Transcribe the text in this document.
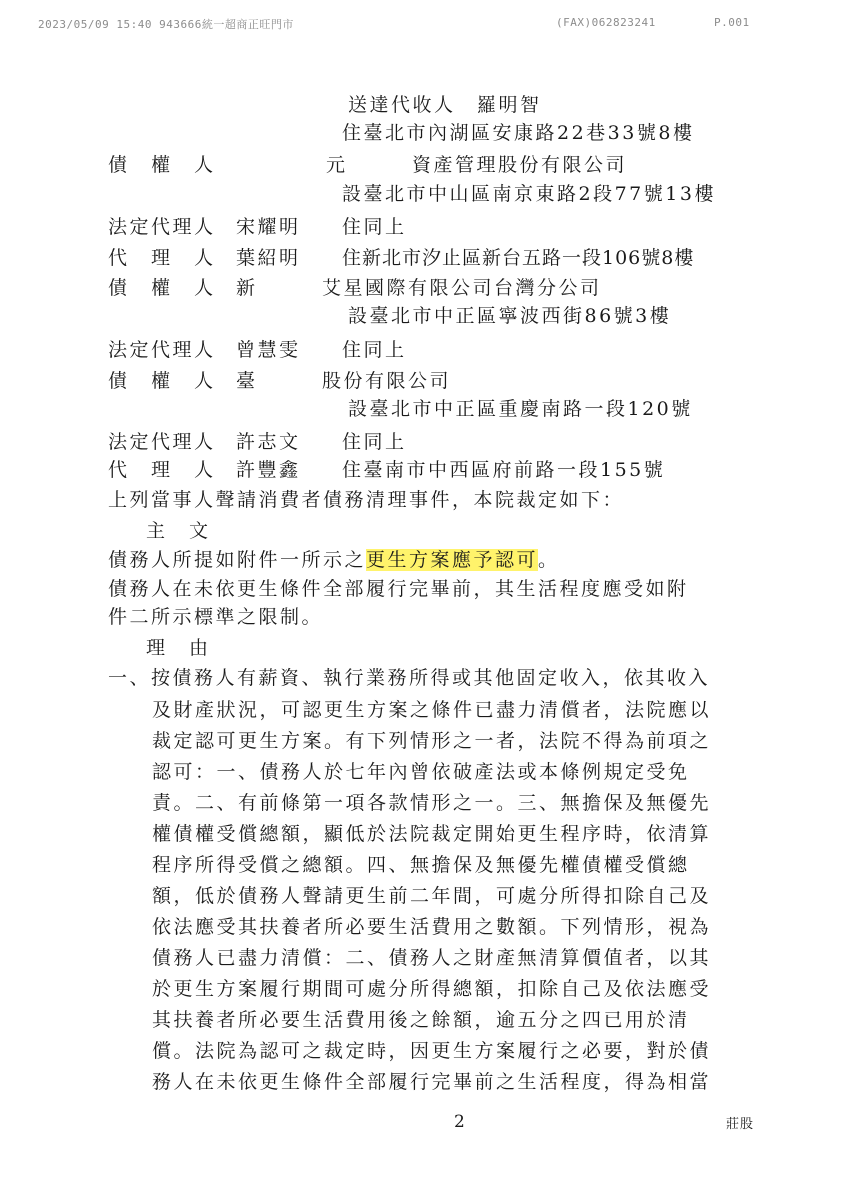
2023/05/09 15:40 943666統一超商正旺門市	(FAX)062823241	P.001
送達代收人　羅明智
住臺北市內湖區安康路22巷33號8樓
債　權　人	元　　　資產管理股份有限公司
設臺北市中山區南京東路2段77號13樓
法定代理人 宋耀明 住同上
代　理　人 葉紹明 住新北市汐止區新台五路一段106號8樓
債　權　人 新　　　艾星國際有限公司台灣分公司
設臺北市中正區寧波西街86號3樓
法定代理人 曾慧雯 住同上
債　權　人 臺　　　股份有限公司
設臺北市中正區重慶南路一段120號
法定代理人 許志文 住同上
代　理　人 許豐鑫 住臺南市中西區府前路一段155號
上列當事人聲請消費者債務清理事件，本院裁定如下：
主　文
債務人所提如附件一所示之更生方案應予認可。
債務人在未依更生條件全部履行完畢前，其生活程度應受如附
件二所示標準之限制。
理　由
一、按債務人有薪資、執行業務所得或其他固定收入，依其收入
及財產狀況，可認更生方案之條件已盡力清償者，法院應以
裁定認可更生方案。有下列情形之一者，法院不得為前項之
認可：一、債務人於七年內曾依破產法或本條例規定受免
責。二、有前條第一項各款情形之一。三、無擔保及無優先
權債權受償總額，顯低於法院裁定開始更生程序時，依清算
程序所得受償之總額。四、無擔保及無優先權債權受償總
額，低於債務人聲請更生前二年間，可處分所得扣除自己及
依法應受其扶養者所必要生活費用之數額。下列情形，視為
債務人已盡力清償：二、債務人之財產無清算價值者，以其
於更生方案履行期間可處分所得總額，扣除自己及依法應受
其扶養者所必要生活費用後之餘額，逾五分之四已用於清
償。法院為認可之裁定時，因更生方案履行之必要，對於債
務人在未依更生條件全部履行完畢前之生活程度，得為相當
2	莊股
